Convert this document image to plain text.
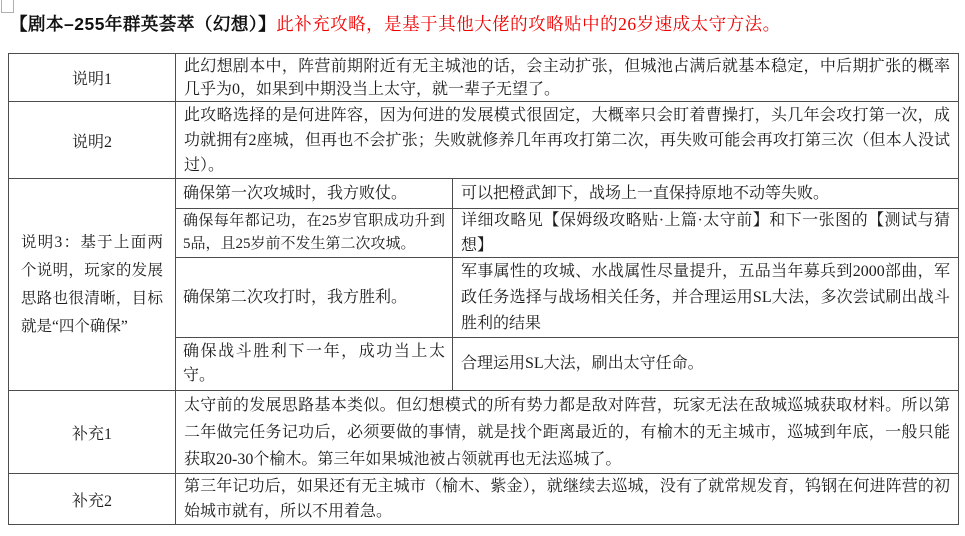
【剧本–255年群英荟萃（幻想）】此补充攻略，是基于其他大佬的攻略贴中的26岁速成太守方法。
说明1
此幻想剧本中，阵营前期附近有无主城池的话，会主动扩张，但城池占满后就基本稳定，中后期扩张的概率几乎为0，如果到中期没当上太守，就一辈子无望了。
说明2
此攻略选择的是何进阵容，因为何进的发展模式很固定，大概率只会盯着曹操打，头几年会攻打第一次，成功就拥有2座城，但再也不会扩张；失败就修养几年再攻打第二次，再失败可能会再攻打第三次（但本人没试过）。
说明3：基于上面两个说明，玩家的发展思路也很清晰，目标就是“四个确保”
确保第一次攻城时，我方败仗。	可以把橙武卸下，战场上一直保持原地不动等失败。
确保每年都记功，在25岁官职成功升到5品，且25岁前不发生第二次攻城。
详细攻略见【保姆级攻略贴·上篇·太守前】和下一张图的【测试与猜想】
确保第二次攻打时，我方胜利。
军事属性的攻城、水战属性尽量提升，五品当年募兵到2000部曲，军政任务选择与战场相关任务，并合理运用SL大法，多次尝试刷出战斗胜利的结果
确保战斗胜利下一年，成功当上太守。
合理运用SL大法，刷出太守任命。
补充1
太守前的发展思路基本类似。但幻想模式的所有势力都是敌对阵营，玩家无法在敌城巡城获取材料。所以第二年做完任务记功后，必须要做的事情，就是找个距离最近的，有榆木的无主城市，巡城到年底，一般只能获取20-30个榆木。第三年如果城池被占领就再也无法巡城了。
补充2
第三年记功后，如果还有无主城市（榆木、紫金），就继续去巡城，没有了就常规发育，钨钢在何进阵营的初始城市就有，所以不用着急。
